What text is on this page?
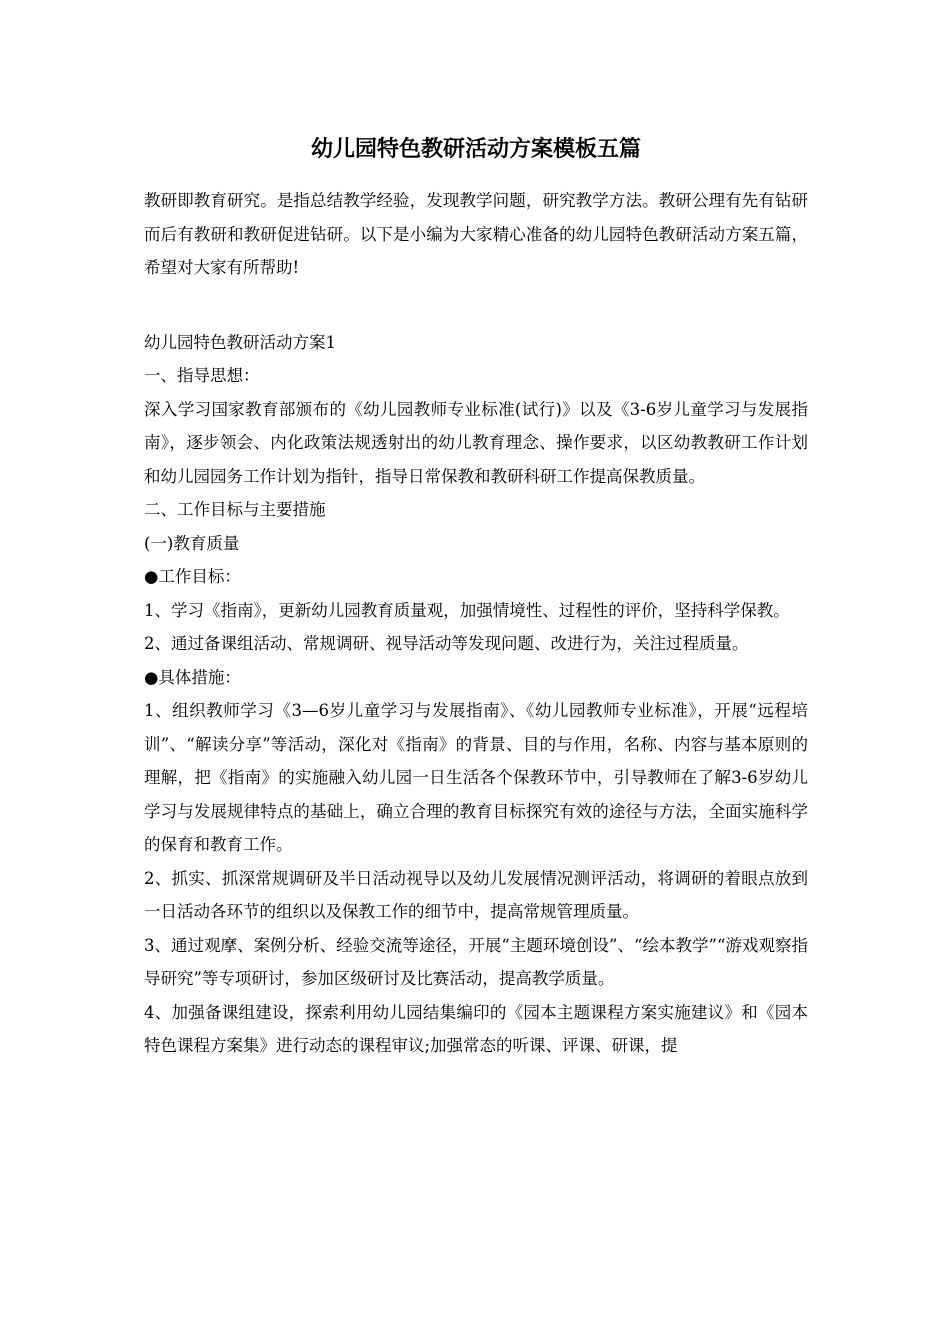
幼儿园特色教研活动方案模板五篇

教研即教育研究。是指总结教学经验，发现教学问题，研究教学方法。教研公理有先有钻研而后有教研和教研促进钻研。以下是小编为大家精心准备的幼儿园特色教研活动方案五篇，希望对大家有所帮助!

幼儿园特色教研活动方案1

一、指导思想：

深入学习国家教育部颁布的《幼儿园教师专业标准(试行)》以及《3-6岁儿童学习与发展指南》，逐步领会、内化政策法规透射出的幼儿教育理念、操作要求，以区幼教教研工作计划和幼儿园园务工作计划为指针，指导日常保教和教研科研工作提高保教质量。

二、工作目标与主要措施

(一)教育质量

●工作目标：

1、学习《指南》，更新幼儿园教育质量观，加强情境性、过程性的评价，坚持科学保教。

2、通过备课组活动、常规调研、视导活动等发现问题、改进行为，关注过程质量。

●具体措施：

1、组织教师学习《3—6岁儿童学习与发展指南》、《幼儿园教师专业标准》，开展“远程培训”、“解读分享”等活动，深化对《指南》的背景、目的与作用，名称、内容与基本原则的理解，把《指南》的实施融入幼儿园一日生活各个保教环节中，引导教师在了解3-6岁幼儿学习与发展规律特点的基础上，确立合理的教育目标探究有效的途径与方法，全面实施科学的保育和教育工作。

2、抓实、抓深常规调研及半日活动视导以及幼儿发展情况测评活动，将调研的着眼点放到一日活动各环节的组织以及保教工作的细节中，提高常规管理质量。

3、通过观摩、案例分析、经验交流等途径，开展“主题环境创设”、“绘本教学”“游戏观察指导研究”等专项研讨，参加区级研讨及比赛活动，提高教学质量。

4、加强备课组建设，探索利用幼儿园结集编印的《园本主题课程方案实施建议》和《园本特色课程方案集》进行动态的课程审议;加强常态的听课、评课、研课，提
